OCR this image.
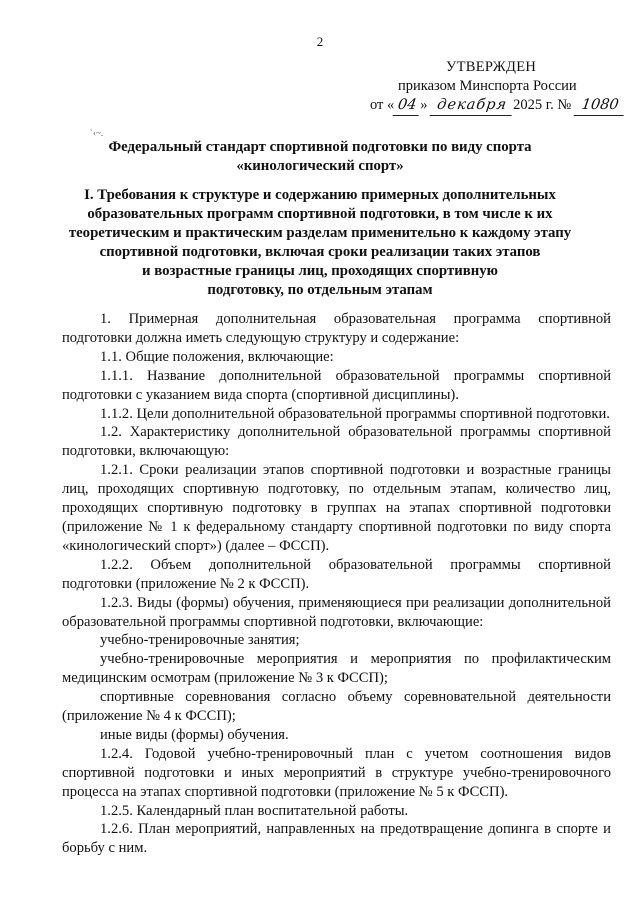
2
`‹~.
УТВЕРЖДЕН
приказом Минспорта России
от « 04 » декабря 2025 г. № 1080
Федеральный стандарт спортивной подготовки по виду спорта
«кинологический спорт»
I. Требования к структуре и содержанию примерных дополнительных
образовательных программ спортивной подготовки, в том числе к их
теоретическим и практическим разделам применительно к каждому этапу
спортивной подготовки, включая сроки реализации таких этапов
и возрастные границы лиц, проходящих спортивную
подготовку, по отдельным этапам

1. Примерная дополнительная образовательная программа спортивной подготовки должна иметь следующую структуру и содержание:

1.1. Общие положения, включающие:

1.1.1. Название дополнительной образовательной программы спортивной подготовки с указанием вида спорта (спортивной дисциплины).

1.1.2. Цели дополнительной образовательной программы спортивной подготовки.

1.2. Характеристику дополнительной образовательной программы спортивной подготовки, включающую:

1.2.1. Сроки реализации этапов спортивной подготовки и возрастные границы лиц, проходящих спортивную подготовку, по отдельным этапам, количество лиц, проходящих спортивную подготовку в группах на этапах спортивной подготовки (приложение № 1 к федеральному стандарту спортивной подготовки по виду спорта «кинологический спорт») (далее – ФССП).

1.2.2. Объем дополнительной образовательной программы спортивной подготовки (приложение № 2 к ФССП).

1.2.3. Виды (формы) обучения, применяющиеся при реализации дополнительной образовательной программы спортивной подготовки, включающие:

учебно-тренировочные занятия;

учебно-тренировочные мероприятия и мероприятия по профилактическим медицинским осмотрам (приложение № 3 к ФССП);

спортивные соревнования согласно объему соревновательной деятельности (приложение № 4 к ФССП);

иные виды (формы) обучения.

1.2.4. Годовой учебно-тренировочный план с учетом соотношения видов спортивной подготовки и иных мероприятий в структуре учебно-тренировочного процесса на этапах спортивной подготовки (приложение № 5 к ФССП).

1.2.5. Календарный план воспитательной работы.

1.2.6. План мероприятий, направленных на предотвращение допинга в спорте и борьбу с ним.
